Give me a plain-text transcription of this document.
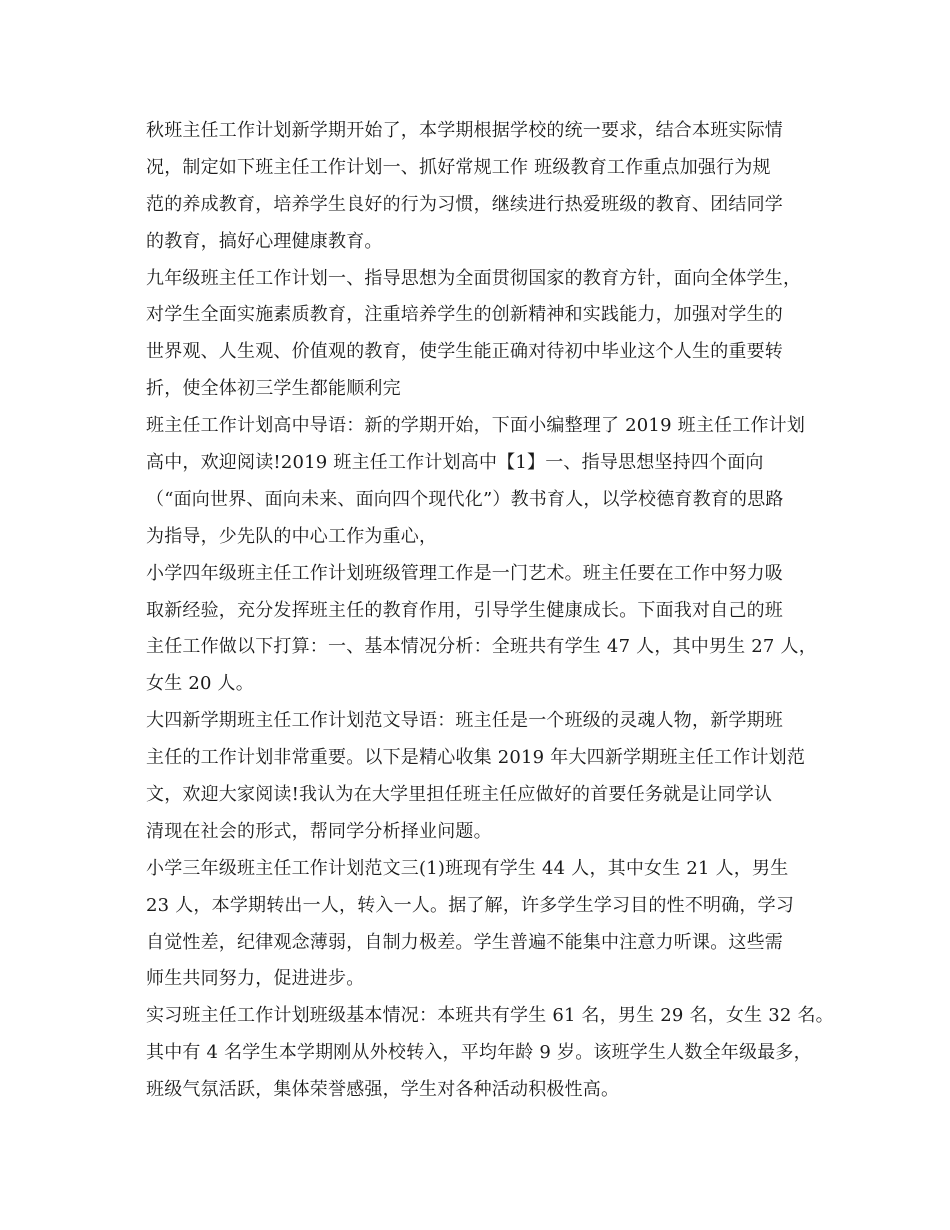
秋班主任工作计划新学期开始了，本学期根据学校的统一要求，结合本班实际情
况，制定如下班主任工作计划一、抓好常规工作 班级教育工作重点加强行为规
范的养成教育，培养学生良好的行为习惯，继续进行热爱班级的教育、团结同学
的教育，搞好心理健康教育。
九年级班主任工作计划一、指导思想为全面贯彻国家的教育方针，面向全体学生，
对学生全面实施素质教育，注重培养学生的创新精神和实践能力，加强对学生的
世界观、人生观、价值观的教育，使学生能正确对待初中毕业这个人生的重要转
折，使全体初三学生都能顺利完
班主任工作计划高中导语：新的学期开始，下面小编整理了 2019 班主任工作计划
高中，欢迎阅读!2019 班主任工作计划高中【1】一、指导思想坚持四个面向
（“面向世界、面向未来、面向四个现代化”）教书育人，以学校德育教育的思路
为指导，少先队的中心工作为重心，
小学四年级班主任工作计划班级管理工作是一门艺术。班主任要在工作中努力吸
取新经验，充分发挥班主任的教育作用，引导学生健康成长。下面我对自己的班
主任工作做以下打算：一、基本情况分析：全班共有学生 47 人，其中男生 27 人，
女生 20 人。
大四新学期班主任工作计划范文导语：班主任是一个班级的灵魂人物，新学期班
主任的工作计划非常重要。以下是精心收集 2019 年大四新学期班主任工作计划范
文，欢迎大家阅读!我认为在大学里担任班主任应做好的首要任务就是让同学认
清现在社会的形式，帮同学分析择业问题。
小学三年级班主任工作计划范文三(1)班现有学生 44 人，其中女生 21 人，男生
23 人，本学期转出一人，转入一人。据了解，许多学生学习目的性不明确，学习
自觉性差，纪律观念薄弱，自制力极差。学生普遍不能集中注意力听课。这些需
师生共同努力，促进进步。
实习班主任工作计划班级基本情况：本班共有学生 61 名，男生 29 名，女生 32 名。
其中有 4 名学生本学期刚从外校转入，平均年龄 9 岁。该班学生人数全年级最多，
班级气氛活跃，集体荣誉感强，学生对各种活动积极性高。
